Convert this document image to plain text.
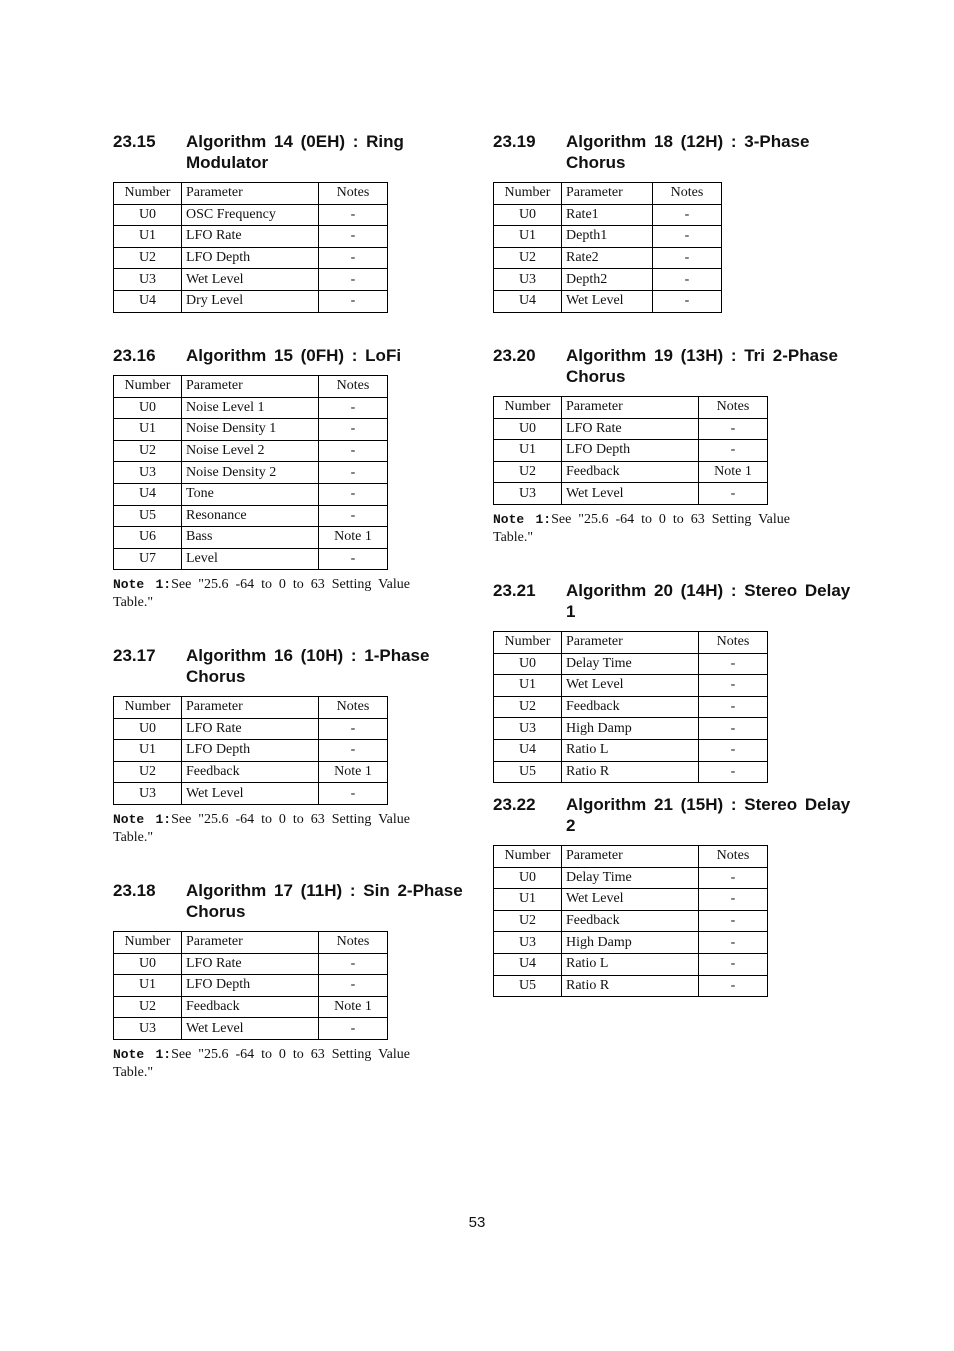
23.15	Algorithm 14 (0EH) : Ring Modulator
Number	Parameter	Notes
U0	OSC Frequency	-
U1	LFO Rate	-
U2	LFO Depth	-
U3	Wet Level	-
U4	Dry Level	-
23.16	Algorithm 15 (0FH) : LoFi
Number	Parameter	Notes
U0	Noise Level 1	-
U1	Noise Density 1	-
U2	Noise Level 2	-
U3	Noise Density 2	-
U4	Tone	-
U5	Resonance	-
U6	Bass	Note 1
U7	Level	-
Note 1:See "25.6 -64 to 0 to 63 Setting Value Table."
23.17	Algorithm 16 (10H) : 1-Phase Chorus
Number	Parameter	Notes
U0	LFO Rate	-
U1	LFO Depth	-
U2	Feedback	Note 1
U3	Wet Level	-
Note 1:See "25.6 -64 to 0 to 63 Setting Value Table."
23.18	Algorithm 17 (11H) : Sin 2-Phase Chorus
Number	Parameter	Notes
U0	LFO Rate	-
U1	LFO Depth	-
U2	Feedback	Note 1
U3	Wet Level	-
Note 1:See "25.6 -64 to 0 to 63 Setting Value Table."
23.19	Algorithm 18 (12H) : 3-Phase Chorus
Number	Parameter	Notes
U0	Rate1	-
U1	Depth1	-
U2	Rate2	-
U3	Depth2	-
U4	Wet Level	-
23.20	Algorithm 19 (13H) : Tri 2-Phase Chorus
Number	Parameter	Notes
U0	LFO Rate	-
U1	LFO Depth	-
U2	Feedback	Note 1
U3	Wet Level	-
Note 1:See "25.6 -64 to 0 to 63 Setting Value Table."
23.21	Algorithm 20 (14H) : Stereo Delay 1
Number	Parameter	Notes
U0	Delay Time	-
U1	Wet Level	-
U2	Feedback	-
U3	High Damp	-
U4	Ratio L	-
U5	Ratio R	-
23.22	Algorithm 21 (15H) : Stereo Delay 2
Number	Parameter	Notes
U0	Delay Time	-
U1	Wet Level	-
U2	Feedback	-
U3	High Damp	-
U4	Ratio L	-
U5	Ratio R	-
53
